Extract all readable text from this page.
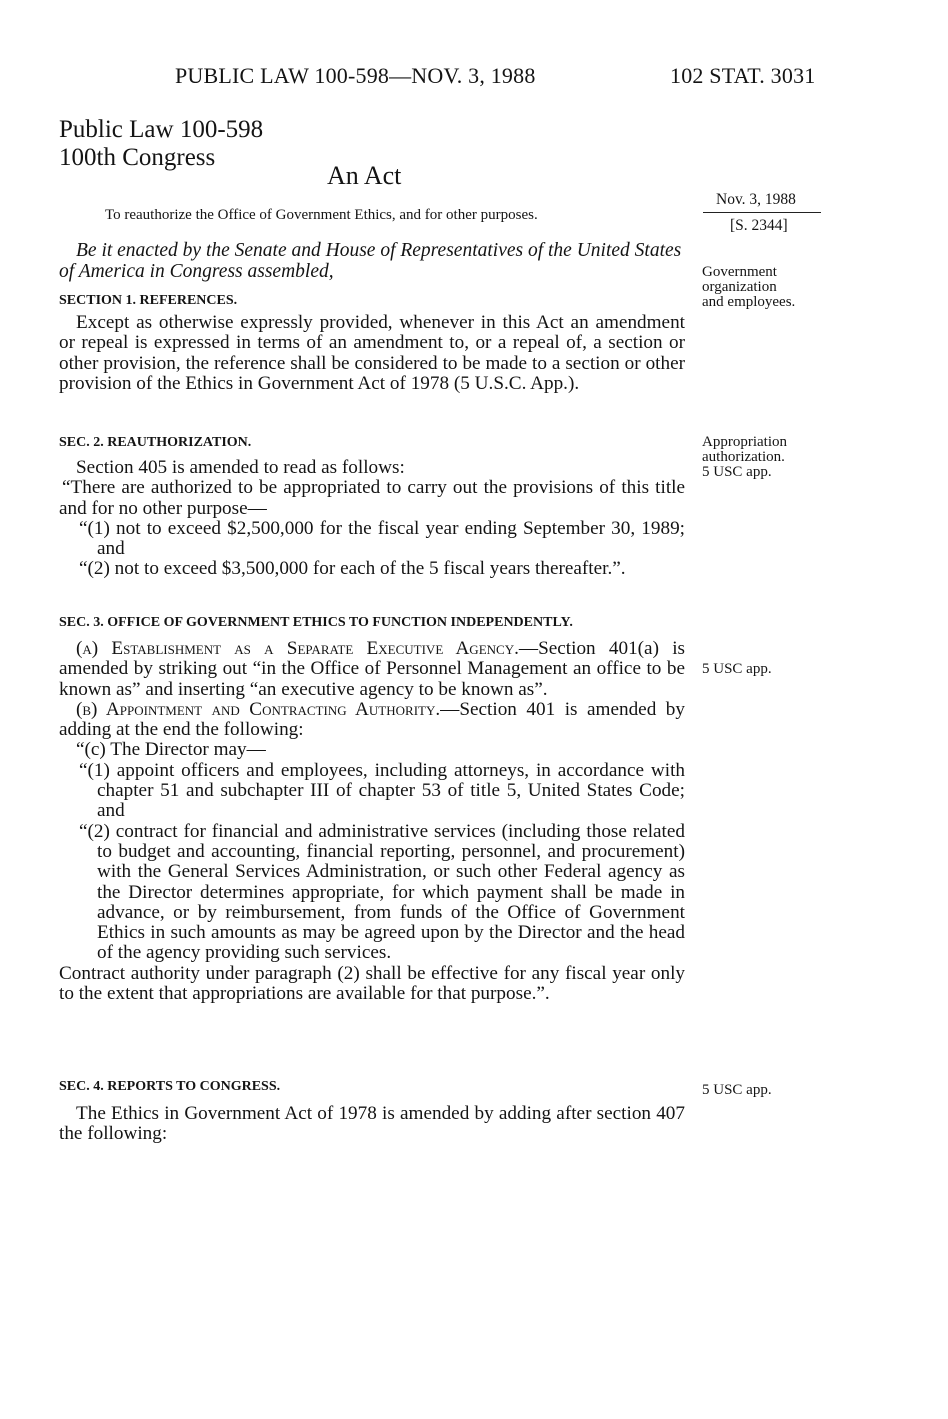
PUBLIC LAW 100-598—NOV. 3, 1988	102 STAT. 3031
Public Law 100-598
100th Congress
An Act
To reauthorize the Office of Government Ethics, and for other purposes.
Nov. 3, 1988
[S. 2344]
Be it enacted by the Senate and House of Representatives of the United States of America in Congress assembled,	Government
organization
and employees.
SECTION 1. REFERENCES.

Except as otherwise expressly provided, whenever in this Act an amendment or repeal is expressed in terms of an amendment to, or a repeal of, a section or other provision, the reference shall be considered to be made to a section or other provision of the Ethics in Government Act of 1978 (5 U.S.C. App.).

SEC. 2. REAUTHORIZATION.	Appropriation
authorization.
5 USC app.

Section 405 is amended to read as follows:

“There are authorized to be appropriated to carry out the provisions of this title and for no other purpose—

“(1) not to exceed $2,500,000 for the fiscal year ending September 30, 1989; and

“(2) not to exceed $3,500,000 for each of the 5 fiscal years thereafter.”.

SEC. 3. OFFICE OF GOVERNMENT ETHICS TO FUNCTION INDEPENDENTLY.
5 USC app.

(a) Establishment as a Separate Executive Agency.—Section 401(a) is amended by striking out “in the Office of Personnel Management an office to be known as” and inserting “an executive agency to be known as”.

(b) Appointment and Contracting Authority.—Section 401 is amended by adding at the end the following:

“(c) The Director may—

“(1) appoint officers and employees, including attorneys, in accordance with chapter 51 and subchapter III of chapter 53 of title 5, United States Code; and

“(2) contract for financial and administrative services (including those related to budget and accounting, financial reporting, personnel, and procurement) with the General Services Administration, or such other Federal agency as the Director determines appropriate, for which payment shall be made in advance, or by reimbursement, from funds of the Office of Government Ethics in such amounts as may be agreed upon by the Director and the head of the agency providing such services.

Contract authority under paragraph (2) shall be effective for any fiscal year only to the extent that appropriations are available for that purpose.”.

SEC. 4. REPORTS TO CONGRESS.	5 USC app.

The Ethics in Government Act of 1978 is amended by adding after section 407 the following:
